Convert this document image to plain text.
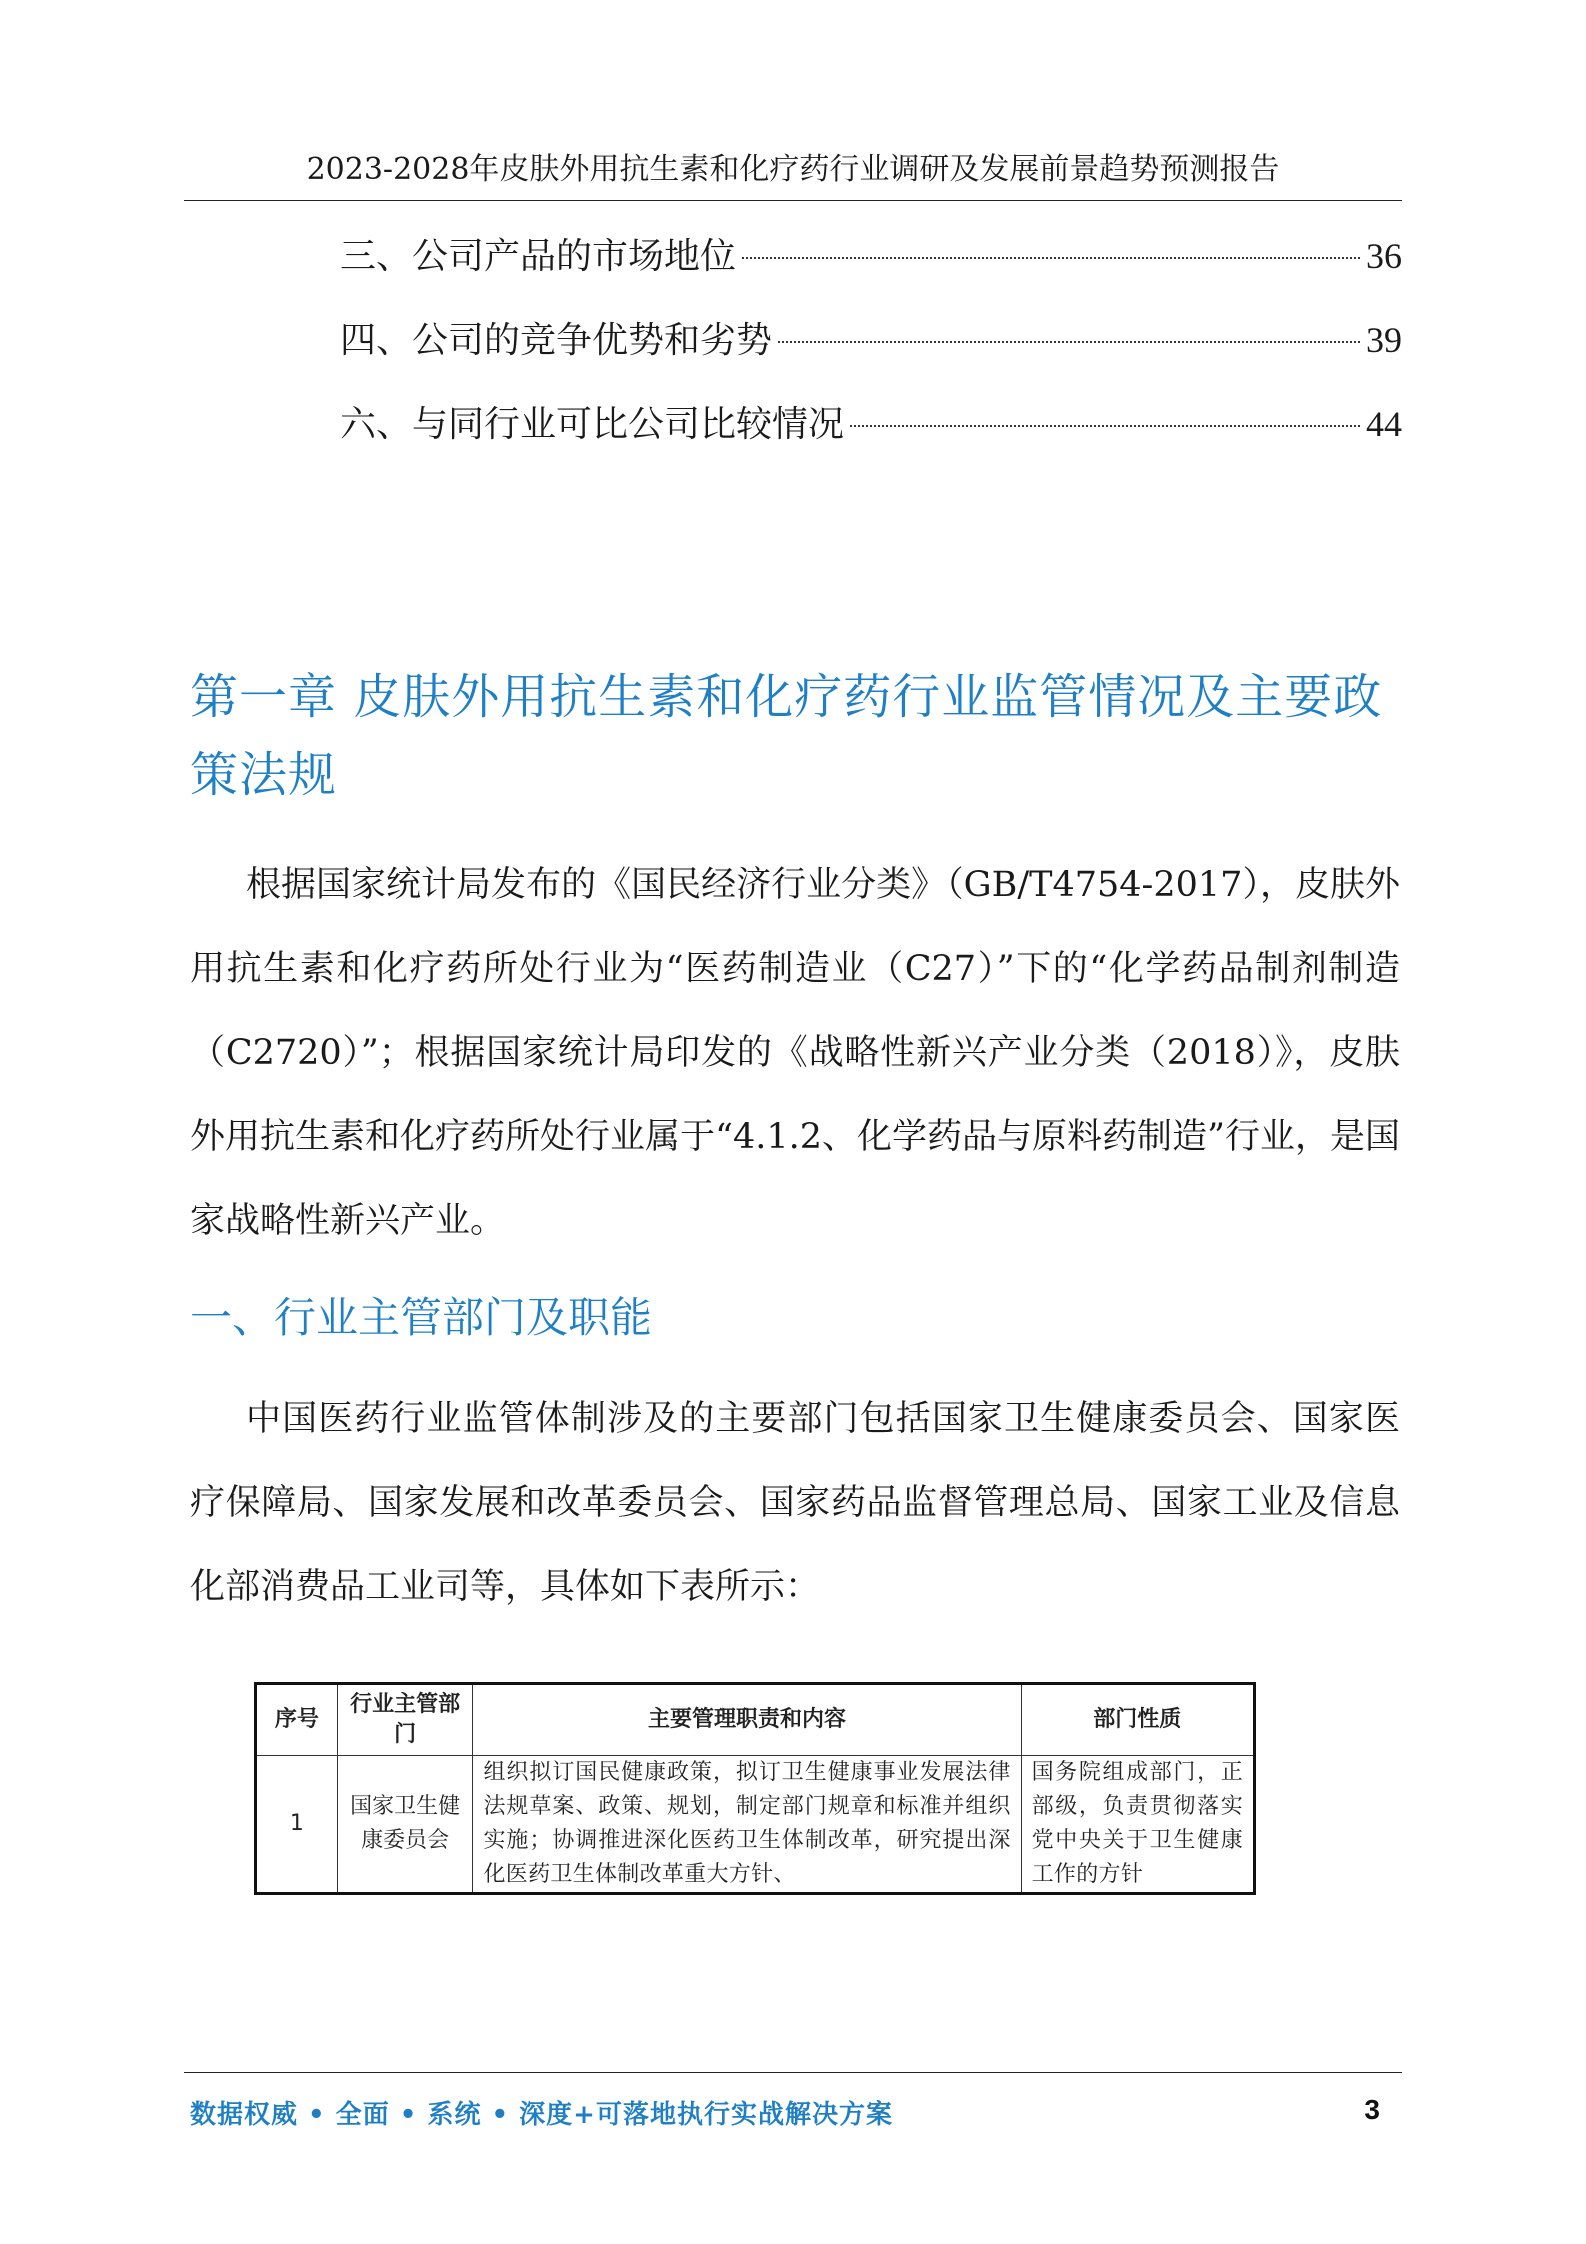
2023-2028年皮肤外用抗生素和化疗药行业调研及发展前景趋势预测报告
三、公司产品的市场地位	36
四、公司的竞争优势和劣势	39
六、与同行业可比公司比较情况	44
第一章 皮肤外用抗生素和化疗药行业监管情况及主要政策法规
根据国家统计局发布的《国民经济行业分类》（GB/T4754-2017），皮肤外用抗生素和化疗药所处行业为“医药制造业（C27）”下的“化学药品制剂制造（C2720）”；根据国家统计局印发的《战略性新兴产业分类（2018）》，皮肤外用抗生素和化疗药所处行业属于“4.1.2、化学药品与原料药制造”行业，是国家战略性新兴产业。
一、行业主管部门及职能
中国医药行业监管体制涉及的主要部门包括国家卫生健康委员会、国家医疗保障局、国家发展和改革委员会、国家药品监督管理总局、国家工业及信息化部消费品工业司等，具体如下表所示：
序号	行业主管部门	主要管理职责和内容	部门性质
1	国家卫生健康委员会	组织拟订国民健康政策，拟订卫生健康事业发展法律法规草案、政策、规划，制定部门规章和标准并组织实施；协调推进深化医药卫生体制改革，研究提出深化医药卫生体制改革重大方针、	国务院组成部门，正部级，负责贯彻落实党中央关于卫生健康工作的方针
数据权威 • 全面 • 系统 • 深度+可落地执行实战解决方案	3
